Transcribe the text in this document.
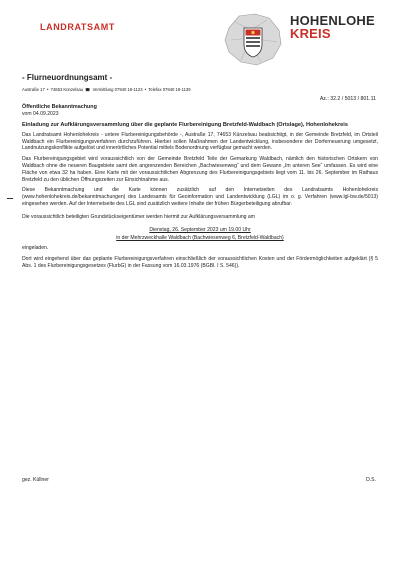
LANDRATSAMT	HOHENLOHE
KREIS
- Flurneuordnungsamt -
Austraße 17 • 74653 Künzelsau ☎ Vermittlung 07940 18-1123 • Telefax 07940 18-1139
Az.: 32.2 / 5013 / 801.11

Öffentliche Bekanntmachung

vom 04.09.2023

Einladung zur Aufklärungsversammlung über die geplante Flurbereinigung Bretzfeld-Waldbach (Ortslage), Hohenlohekreis

Das Landratsamt Hohenlohekreis - untere Flurbereinigungsbehörde -, Austraße 17, 74653 Künzelsau beabsichtigt, in der Gemeinde Bretzfeld, im Ortsteil Waldbach ein Flurbereinigungsverfahren durchzuführen. Hierbei sollen Maßnahmen der Landentwicklung, insbesondere der Dorferneuerung umgesetzt, Landnutzungskonflikte aufgelöst und innerörtliches Potential mittels Bodenordnung verfügbar gemacht werden.

Das Flurbereinigungsgebiet wird voraussichtlich von der Gemeinde Bretzfeld Teile der Gemarkung Waldbach, nämlich den historischen Ortskern von Waldbach ohne die neueren Baugebiete samt den angrenzenden Bereichen „Bachwiesenweg“ und dem Gewann „Im unteren See“ umfassen. Es wird eine Fläche von etwa 32 ha haben. Eine Karte mit der voraussichtlichen Abgrenzung des Flurbereinigungsgebiets liegt vom 11. bis 26. September im Rathaus Bretzfeld zu den üblichen Öffnungszeiten zur Einsichtnahme aus.

Diese Bekanntmachung und die Karte können zusätzlich auf den Internetseiten des Landratsamts Hohenlohekreis (www.hohenlohekreis.de/bekanntmachungen) des Landesamts für Geoinformation und Landentwicklung (LGL) im o. g. Verfahren (www.lgl-bw.de/5013) eingesehen werden. Auf der Internetseite des LGL sind zusätzlich weitere Inhalte der frühen Bürgerbeteiligung abrufbar.

Die voraussichtlich beteiligten Grundstückseigentümer werden hiermit zur Aufklärungsversammlung am

Dienstag, 26. September 2023 um 19.00 Uhr

in der Mehrzweckhalle Waldbach (Bachwiesenweg 6, Bretzfeld-Waldbach)

eingeladen.

Dort wird eingehend über das geplante Flurbereinigungsverfahren einschließlich der voraussichtlichen Kosten und der Fördermöglichkeiten aufgeklärt (§ 5 Abs. 1 des Flurbereinigungsgesetzes (FlurbG) in der Fassung vom 16.03.1976 (BGBl. I S. 546)).

gez. Küllner	D.S.
